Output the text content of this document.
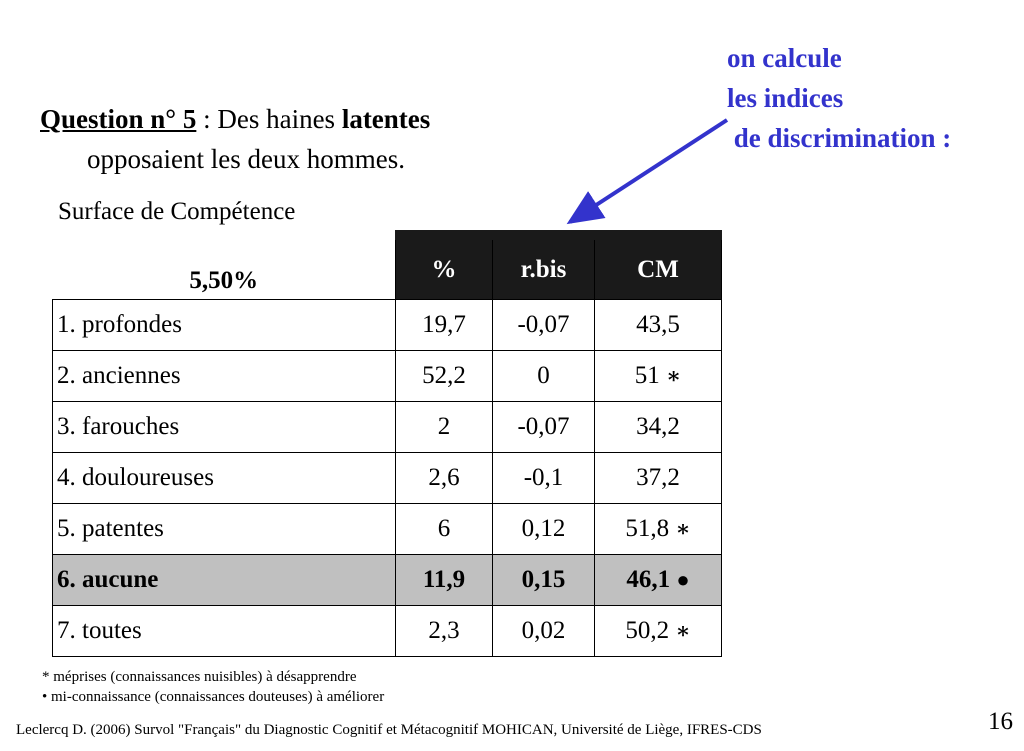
on calcule
les indices
de discrimination :
Question n° 5 : Des haines latentes
opposaient les deux hommes.
Surface de Compétence
5,50%	%	r.bis	CM
1. profondes	19,7	-0,07	43,5
2. anciennes	52,2	0	51 ∗
3. farouches	2	-0,07	34,2
4. douloureuses	2,6	-0,1	37,2
5. patentes	6	0,12	51,8 ∗
6. aucune	11,9	0,15	46,1 ●
7. toutes	2,3	0,02	50,2 ∗
* méprises (connaissances nuisibles) à désapprendre
• mi-connaissance (connaissances douteuses) à améliorer
Leclercq D. (2006) Survol "Français" du Diagnostic Cognitif et Métacognitif MOHICAN, Université de Liège, IFRES-CDS	16
